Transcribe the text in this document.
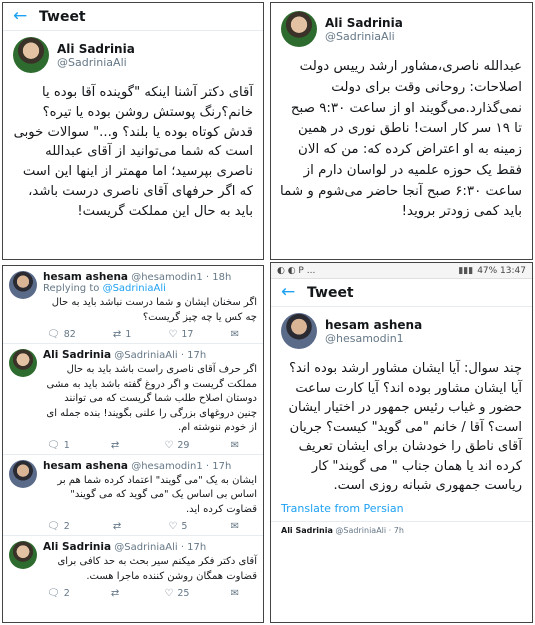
← Tweet
Ali Sadrinia
@SadriniaAli
آقای دکتر آشنا اینکه "گوینده آقا بوده یا خانم؟رنگ پوستش روشن بوده یا تیره؟ قدش کوتاه بوده یا بلند؟ و..." سوالات خوبی است که شما می‌توانید از آقای عبدالله ناصری بپرسید؛ اما مهمتر از اینها این است که اگر حرفهای آقای ناصری درست باشد، باید به حال این مملکت گریست!
Ali Sadrinia
@SadriniaAli
عبدالله ناصری،مشاور ارشد رییس دولت اصلاحات: روحانی وقت برای دولت نمی‌گذارد.می‌گویند او از ساعت ۹:۳۰ صبح تا ۱۹ سر کار است! ناطق نوری در همین زمینه به او اعتراض کرده که: من که الان فقط یک حوزه علمیه در لواسان دارم از ساعت ۶:۳۰ صبح آنجا حاضر می‌شوم و شما باید کمی زودتر بروید!
hesam ashena @hesamodin1 · 18h
Replying to @SadriniaAli
اگر سخنان ایشان و شما درست نباشد باید به حال چه کس یا چه چیز گریست؟
🗨 82	⇄ 1	♡ 17	✉
Ali Sadrinia @SadriniaAli · 17h
اگر حرف آقای ناصری راست باشد باید به حال مملکت گریست و اگر دروغ گفته باشد باید به مشی دوستان اصلاح طلب شما گریست که می توانند چنین دروغهای بزرگی را علنی بگویند! بنده جمله ای از خودم ننوشته ام.
🗨 1	⇄	♡ 29	✉
hesam ashena @hesamodin1 · 17h
ایشان به یک "می گویند" اعتماد کرده شما هم بر اساس بی اساس یک "می گوید که می گویند" قضاوت کرده اید.
🗨 2	⇄	♡ 5	✉
Ali Sadrinia @SadriniaAli · 17h
آقای دکتر فکر میکنم سیر بحث به حد کافی برای قضاوت همگان روشن کننده ماجرا هست.
🗨 2	⇄	♡ 25	✉
◐ ◐ P ...	▮▮▮ 47% 13:47
← Tweet
hesam ashena
@hesamodin1
چند سوال: آیا ایشان مشاور ارشد بوده اند؟ آیا ایشان مشاور بوده اند؟ آیا کارت ساعت حضور و غیاب رئیس جمهور در اختیار ایشان است؟ آقا / خانم "می گوید" کیست؟ جریان آقای ناطق را خودشان برای ایشان تعریف کرده اند یا همان جناب " می گویند" کار ریاست جمهوری شبانه روزی است.
Translate from Persian
Ali Sadrinia @SadriniaAli · 7h
